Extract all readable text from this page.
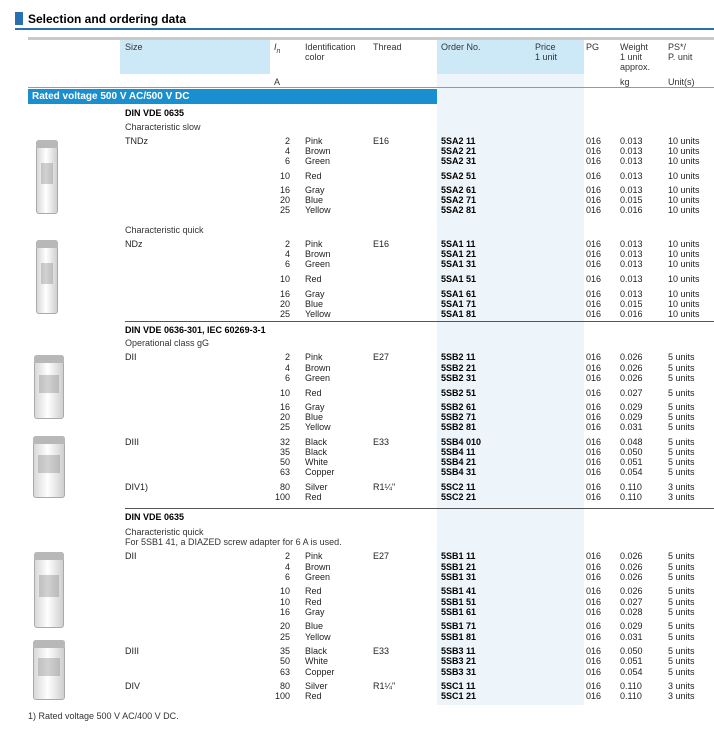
Selection and ordering data
Size	$I_n$
A
Identification
color
Thread	Order No.	Price
1 unit
PG Weight
1 unit
approx.
kg
PS*/
P. unit
Unit(s)
Rated voltage 500 V AC/500 V DC
DIN VDE 0635
Characteristic slow
Characteristic quick
DIN VDE 0636-301, IEC 60269-3-1
Operational class gG
DIN VDE 0635
Characteristic quick
For 5SB1 41, a DIAZED screw adapter for 6 A is used.
TNDz	2 Pink	E16	5SA2 11	016 0.013	10 units
4 Brown	5SA2 21	016 0.013	10 units
6 Green	5SA2 31	016 0.013	10 units
10 Red	5SA2 51	016 0.013	10 units
16 Gray	5SA2 61	016 0.013	10 units
20 Blue	5SA2 71	016 0.015	10 units
25 Yellow	5SA2 81	016 0.016	10 units
NDz	2 Pink	E16	5SA1 11	016 0.013	10 units
4 Brown	5SA1 21	016 0.013	10 units
6 Green	5SA1 31	016 0.013	10 units
10 Red	5SA1 51	016 0.013	10 units
16 Gray	5SA1 61	016 0.013	10 units
20 Blue	5SA1 71	016 0.015	10 units
25 Yellow	5SA1 81	016 0.016	10 units
DII	2 Pink	E27	5SB2 11	016 0.026	5 units
4 Brown	5SB2 21	016 0.026	5 units
6 Green	5SB2 31	016 0.026	5 units
10 Red	5SB2 51	016 0.027	5 units
16 Gray	5SB2 61	016 0.029	5 units
20 Blue	5SB2 71	016 0.029	5 units
25 Yellow	5SB2 81	016 0.031	5 units
DIII	32 Black	E33	5SB4 010	016 0.048	5 units
35 Black	5SB4 11	016 0.050	5 units
50 White	5SB4 21	016 0.051	5 units
63 Copper	5SB4 31	016 0.054	5 units
DIV1)	80 Silver	R1¼"	5SC2 11	016 0.110	3 units
100 Red	5SC2 21	016 0.110	3 units
DII	2 Pink	E27	5SB1 11	016 0.026	5 units
4 Brown	5SB1 21	016 0.026	5 units
6 Green	5SB1 31	016 0.026	5 units
10 Red	5SB1 41	016 0.026	5 units
10 Red	5SB1 51	016 0.027	5 units
16 Gray	5SB1 61	016 0.028	5 units
20 Blue	5SB1 71	016 0.029	5 units
25 Yellow	5SB1 81	016 0.031	5 units
DIII	35 Black	E33	5SB3 11	016 0.050	5 units
50 White	5SB3 21	016 0.051	5 units
63 Copper	5SB3 31	016 0.054	5 units
DIV	80 Silver	R1¼"	5SC1 11	016 0.110	3 units
100 Red	5SC1 21	016 0.110	3 units
1) Rated voltage 500 V AC/400 V DC.
